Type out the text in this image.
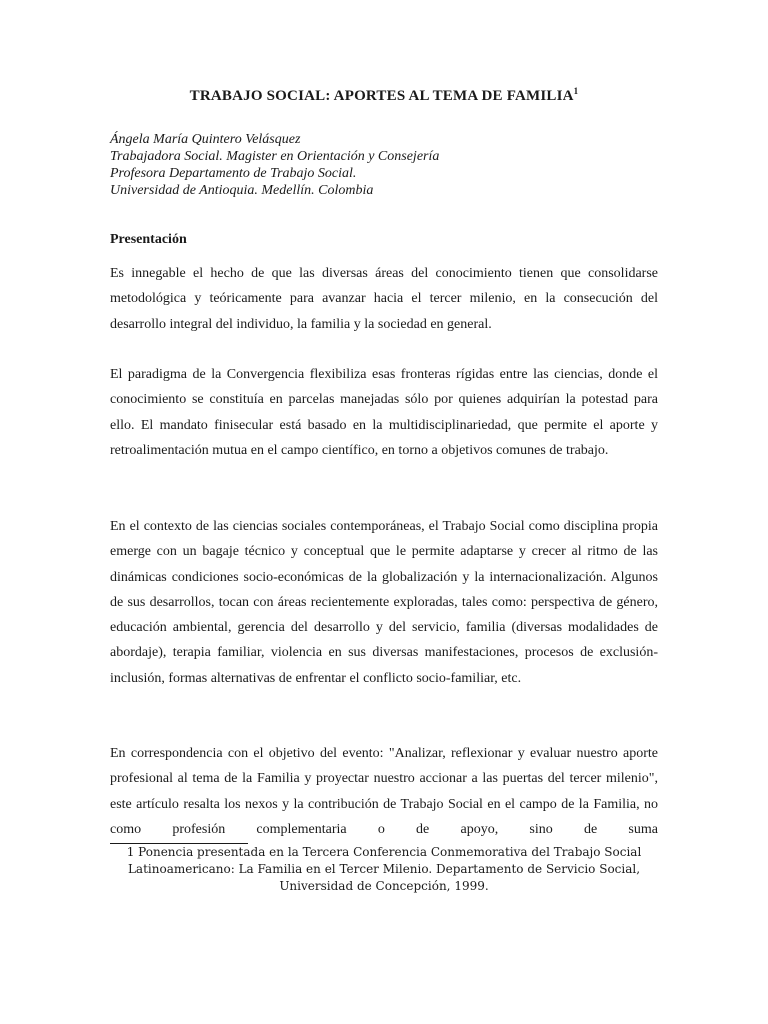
TRABAJO SOCIAL: APORTES AL TEMA DE FAMILIA$^1$
Ángela María Quintero Velásquez
Trabajadora Social. Magister en Orientación y Consejería
Profesora Departamento de Trabajo Social.
Universidad de Antioquia. Medellín. Colombia
Presentación

Es innegable el hecho de que las diversas áreas del conocimiento tienen que consolidarse metodológica y teóricamente para avanzar hacia el tercer milenio, en la consecución del desarrollo integral del individuo, la familia y la sociedad en general.

El paradigma de la Convergencia flexibiliza esas fronteras rígidas entre las ciencias, donde el conocimiento se constituía en parcelas manejadas sólo por quienes adquirían la potestad para ello. El mandato finisecular está basado en la multidisciplinariedad, que permite el aporte y retroalimentación mutua en el campo científico, en torno a objetivos comunes de trabajo.

En el contexto de las ciencias sociales contemporáneas, el Trabajo Social como disciplina propia emerge con un bagaje técnico y conceptual que le permite adaptarse y crecer al ritmo de las dinámicas condiciones socio-económicas de la globalización y la internacionalización. Algunos de sus desarrollos, tocan con áreas recientemente exploradas, tales como: perspectiva de género, educación ambiental, gerencia del desarrollo y del servicio, familia (diversas modalidades de abordaje), terapia familiar, violencia en sus diversas manifestaciones, procesos de exclusión-inclusión, formas alternativas de enfrentar el conflicto socio-familiar, etc.

En correspondencia con el objetivo del evento: "Analizar, reflexionar y evaluar nuestro aporte profesional al tema de la Familia y proyectar nuestro accionar a las puertas del tercer milenio", este artículo resalta los nexos y la contribución de Trabajo Social en el campo de la Familia, no como profesión complementaria o de apoyo, sino de suma

1 Ponencia presentada en la Tercera Conferencia Conmemorativa del Trabajo Social
Latinoamericano: La Familia en el Tercer Milenio. Departamento de Servicio Social,
Universidad de Concepción, 1999.
